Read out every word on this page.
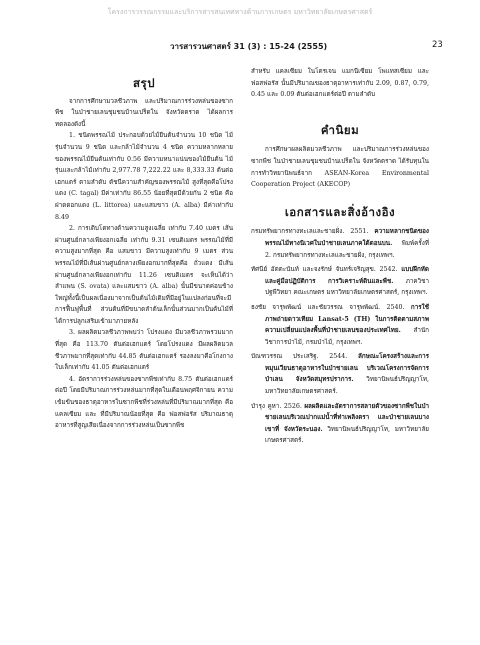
โครงการวรรณกรรมและบริการสารสนเทศทางด้านการเกษตร มหาวิทยาลัยเกษตรศาสตร์
วารสารวนศาสตร์ 31 (3) : 15-24 (2555)	23
สรุป

จากการศึกษามวลชีวภาพ และปริมาณการร่วงหล่นของซากพืช ในป่าชายเลนชุมชนบ้านเปร็ดใน จังหวัดตราด ได้ผลการทดลองดังนี้

1. ชนิดพรรณไม้ ประกอบด้วยไม้ยืนต้นจำนวน 10 ชนิด ไม้รุ่นจำนวน 9 ชนิด และกล้าไม้จำนวน 4 ชนิด ความหลากหลายของพรรณไม้ยืนต้นเท่ากับ 0.56 มีความหนาแน่นของไม้ยืนต้น ไม้รุ่นและกล้าไม้เท่ากับ 2,977.78 7,222.22 และ 8,333.33 ต้นต่อเฮกแตร์ ตามลำดับ ดัชนีความสำคัญของพรรณไม้ สูงที่สุดคือโปรงแดง (C. tagal) มีค่าเท่ากับ 86.55 น้อยที่สุดมีด้วยกัน 2 ชนิด คือ ฝาดดอกแดง (L. littorea) และแสมขาว (A. alba) มีค่าเท่ากับ 8.49

2. การเติบโตทางด้านความสูงเฉลี่ย เท่ากับ 7.40 เมตร เส้นผ่านศูนย์กลางเพียงอกเฉลี่ย เท่ากับ 9.31 เซนติเมตร พรรณไม้ที่มีความสูงมากที่สุด คือ แสมขาว มีความสูงเท่ากับ 9 เมตร ส่วนพรรณไม้ที่มีเส้นผ่านศูนย์กลางเพียงอกมากที่สุดคือ ถั่วแดง มีเส้นผ่านศูนย์กลางเพียงอกเท่ากับ 11.26 เซนติเมตร จะเห็นได้ว่า ลำแพน (S. ovata) และแสมขาว (A. alba) นั้นมีขนาดค่อนข้างใหญ่ทั้งนี้เป็นผลเนื่องมาจากเป็นต้นไม้เดิมที่มีอยู่ในแปลงก่อนที่จะมีการฟื้นฟูพื้นที่ ส่วนต้นที่มีขนาดลำต้นเล็กนั้นส่วนมากเป็นต้นไม้ที่ได้การปลูกเสริมเข้ามาภายหลัง

3. ผลผลิตมวลชีวภาพพบว่า โปรงแดง มีมวลชีวภาพรวมมากที่สุด คือ 113.70 ตันต่อเฮกแตร์ โดยโปรงแดง มีผลผลิตมวลชีวภาพมากที่สุดเท่ากับ 44.85 ตันต่อเฮกแตร์ รองลงมาคือโกงกางใบเล็กเท่ากับ 41.05 ตันต่อเฮกแตร์

4. อัตราการร่วงหล่นของซากพืชเท่ากับ 8.75 ตันต่อเฮกแตร์ต่อปี โดยมีปริมาณการร่วงหล่นมากที่สุดในเดือนพฤศจิกายน ความเข้มข้นของธาตุอาหารในซากพืชที่ร่วงหล่นที่มีปริมาณมากที่สุด คือ แคลเซียม และ ที่มีปริมาณน้อยที่สุด คือ ฟอสฟอรัส ปริมาณธาตุอาหารที่สูญเสียเนื่องจากการร่วงหล่นเป็นซากพืช

สำหรับ แคลเซียม ในโตรเจน แมกนีเซียม โพแทสเซียม และฟอสฟอรัส นั้นมีปริมาณของธาตุอาหารเท่ากับ 2.09, 0.87, 0.79, 0.45 และ 0.09 ตันต่อเฮกแตร์ต่อปี ตามลำดับ

คำนิยม

การศึกษาผลผลิตมวลชีวภาพ และปริมาณการร่วงหล่นของซากพืช ในป่าชายเลนชุมชนบ้านเปร็ดใน จังหวัดตราด ได้รับทุนในการทำวิทยานิพนธ์จาก ASEAN-Korea Environmental Cooperation Project (AKECOP)

เอกสารและสิ่งอ้างอิง

กรมทรัพยากรทางทะเลและชายฝั่ง. 2551. ความหลากชนิดของพรรณไม้ทางนิเวศในป่าชายเลนภาคใต้ตอนบน. พิมพ์ครั้งที่ 2. กรมทรัพยากรทางทะเลและชายฝั่ง, กรุงเทพฯ.

ทัศนีย์ อัตตะนันท์ และจงรักษ์ จันทร์เจริญสุข. 2542. แบบฝึกหัดและคู่มือปฏิบัติการ การวิเคราะห์ดินและพืช. ภาควิชาปฐพีวิทยา คณะเกษตร มหาวิทยาลัยเกษตรศาสตร์, กรุงเทพฯ.

ธงชัย จารุพพัฒน์ และชัยวรรณ จารุพพัฒน์. 2540. การใช้ภาพถ่ายดาวเทียม Lansat-5 (TH) ในการติดตามสภาพความเปลี่ยนแปลงพื้นที่ป่าชายเลนของประเทศไทย. สำนักวิชาการป่าไม้, กรมป่าไม้, กรุงเทพฯ.

บัณฑวรรณ ประเสริฐ. 2544. ลักษณะโครงสร้างและการหมุนเวียนธาตุอาหารในป่าชายเลน บริเวณโครงการจัดการป่าเลน จังหวัดสมุทรปราการ. วิทยานิพนธ์ปริญญาโท, มหาวิทยาลัยเกษตรศาสตร์.

บำรุง คูหา. 2526. ผลผลิตและอัตราการสลายตัวของซากพืชในป่าชายเลนบริเวณปากแม่น้ำที่ท่าเพลิงตรา และป่าชายเลนบางเขาที่ จังหวัดระนอง. วิทยานิพนธ์ปริญญาโท, มหาวิทยาลัยเกษตรศาสตร์.
